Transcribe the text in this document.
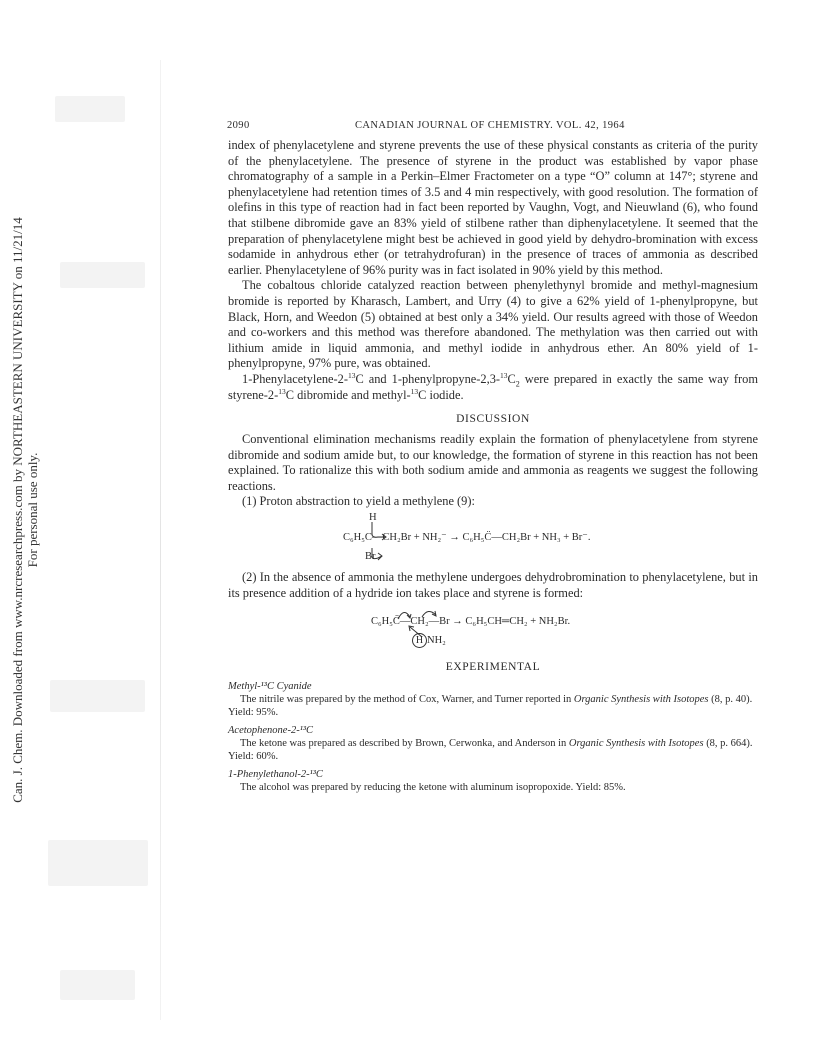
Can. J. Chem. Downloaded from www.nrcresearchpress.com by NORTHEASTERN UNIVERSITY on 11/21/14 For personal use only.
2090	CANADIAN JOURNAL OF CHEMISTRY. VOL. 42, 1964

index of phenylacetylene and styrene prevents the use of these physical constants as criteria of the purity of the phenylacetylene. The presence of styrene in the product was established by vapor phase chromatography of a sample in a Perkin–Elmer Fractometer on a type “O” column at 147°; styrene and phenylacetylene had retention times of 3.5 and 4 min respectively, with good resolution. The formation of olefins in this type of reaction had in fact been reported by Vaughn, Vogt, and Nieuwland (6), who found that stilbene dibromide gave an 83% yield of stilbene rather than diphenylacetylene. It seemed that the preparation of phenylacetylene might best be achieved in good yield by dehydro-bromination with excess sodamide in anhydrous ether (or tetrahydrofuran) in the presence of traces of ammonia as described earlier. Phenylacetylene of 96% purity was in fact isolated in 90% yield by this method.

The cobaltous chloride catalyzed reaction between phenylethynyl bromide and methyl-magnesium bromide is reported by Kharasch, Lambert, and Urry (4) to give a 62% yield of 1-phenylpropyne, but Black, Horn, and Weedon (5) obtained at best only a 34% yield. Our results agreed with those of Weedon and co-workers and this method was therefore abandoned. The methylation was then carried out with lithium amide in liquid ammonia, and methyl iodide in anhydrous ether. An 80% yield of 1-phenylpropyne, 97% pure, was obtained.

1-Phenylacetylene-2-$^{13}$C and $1-phenylpropyne-2,3-^{13}C_2$ were prepared in exactly the same way from styrene-2-$^{13}$C dibromide and methyl-$^{13}$C iodide.

DISCUSSION

Conventional elimination mechanisms readily explain the formation of phenylacetylene from styrene dibromide and sodium amide but, to our knowledge, the formation of styrene in this reaction has not been explained. To rationalize this with both sodium amide and ammonia as reagents we suggest the following reactions.

(1) Proton abstraction to yield a methylene (9):

H
C₆H₅C—CH₂Br + NH₂⁻ → C₆H₅C̈—CH₂Br + NH₃ + Br⁻.
Br

(2) In the absence of ammonia the methylene undergoes dehydrobromination to phenylacetylene, but in its presence addition of a hydride ion takes place and styrene is formed:

C₆H₅C̈—CH₂—Br → C₆H₅CH═CH₂ + NH₂Br.
H NH₂
EXPERIMENTAL
Methyl-¹³C Cyanide
The nitrile was prepared by the method of Cox, Warner, and Turner reported in Organic Synthesis with Isotopes (8, p. 40). Yield: 95%.
Acetophenone-2-¹³C
The ketone was prepared as described by Brown, Cerwonka, and Anderson in Organic Synthesis with Isotopes (8, p. 664). Yield: 60%.
1-Phenylethanol-2-¹³C
The alcohol was prepared by reducing the ketone with aluminum isopropoxide. Yield: 85%.
